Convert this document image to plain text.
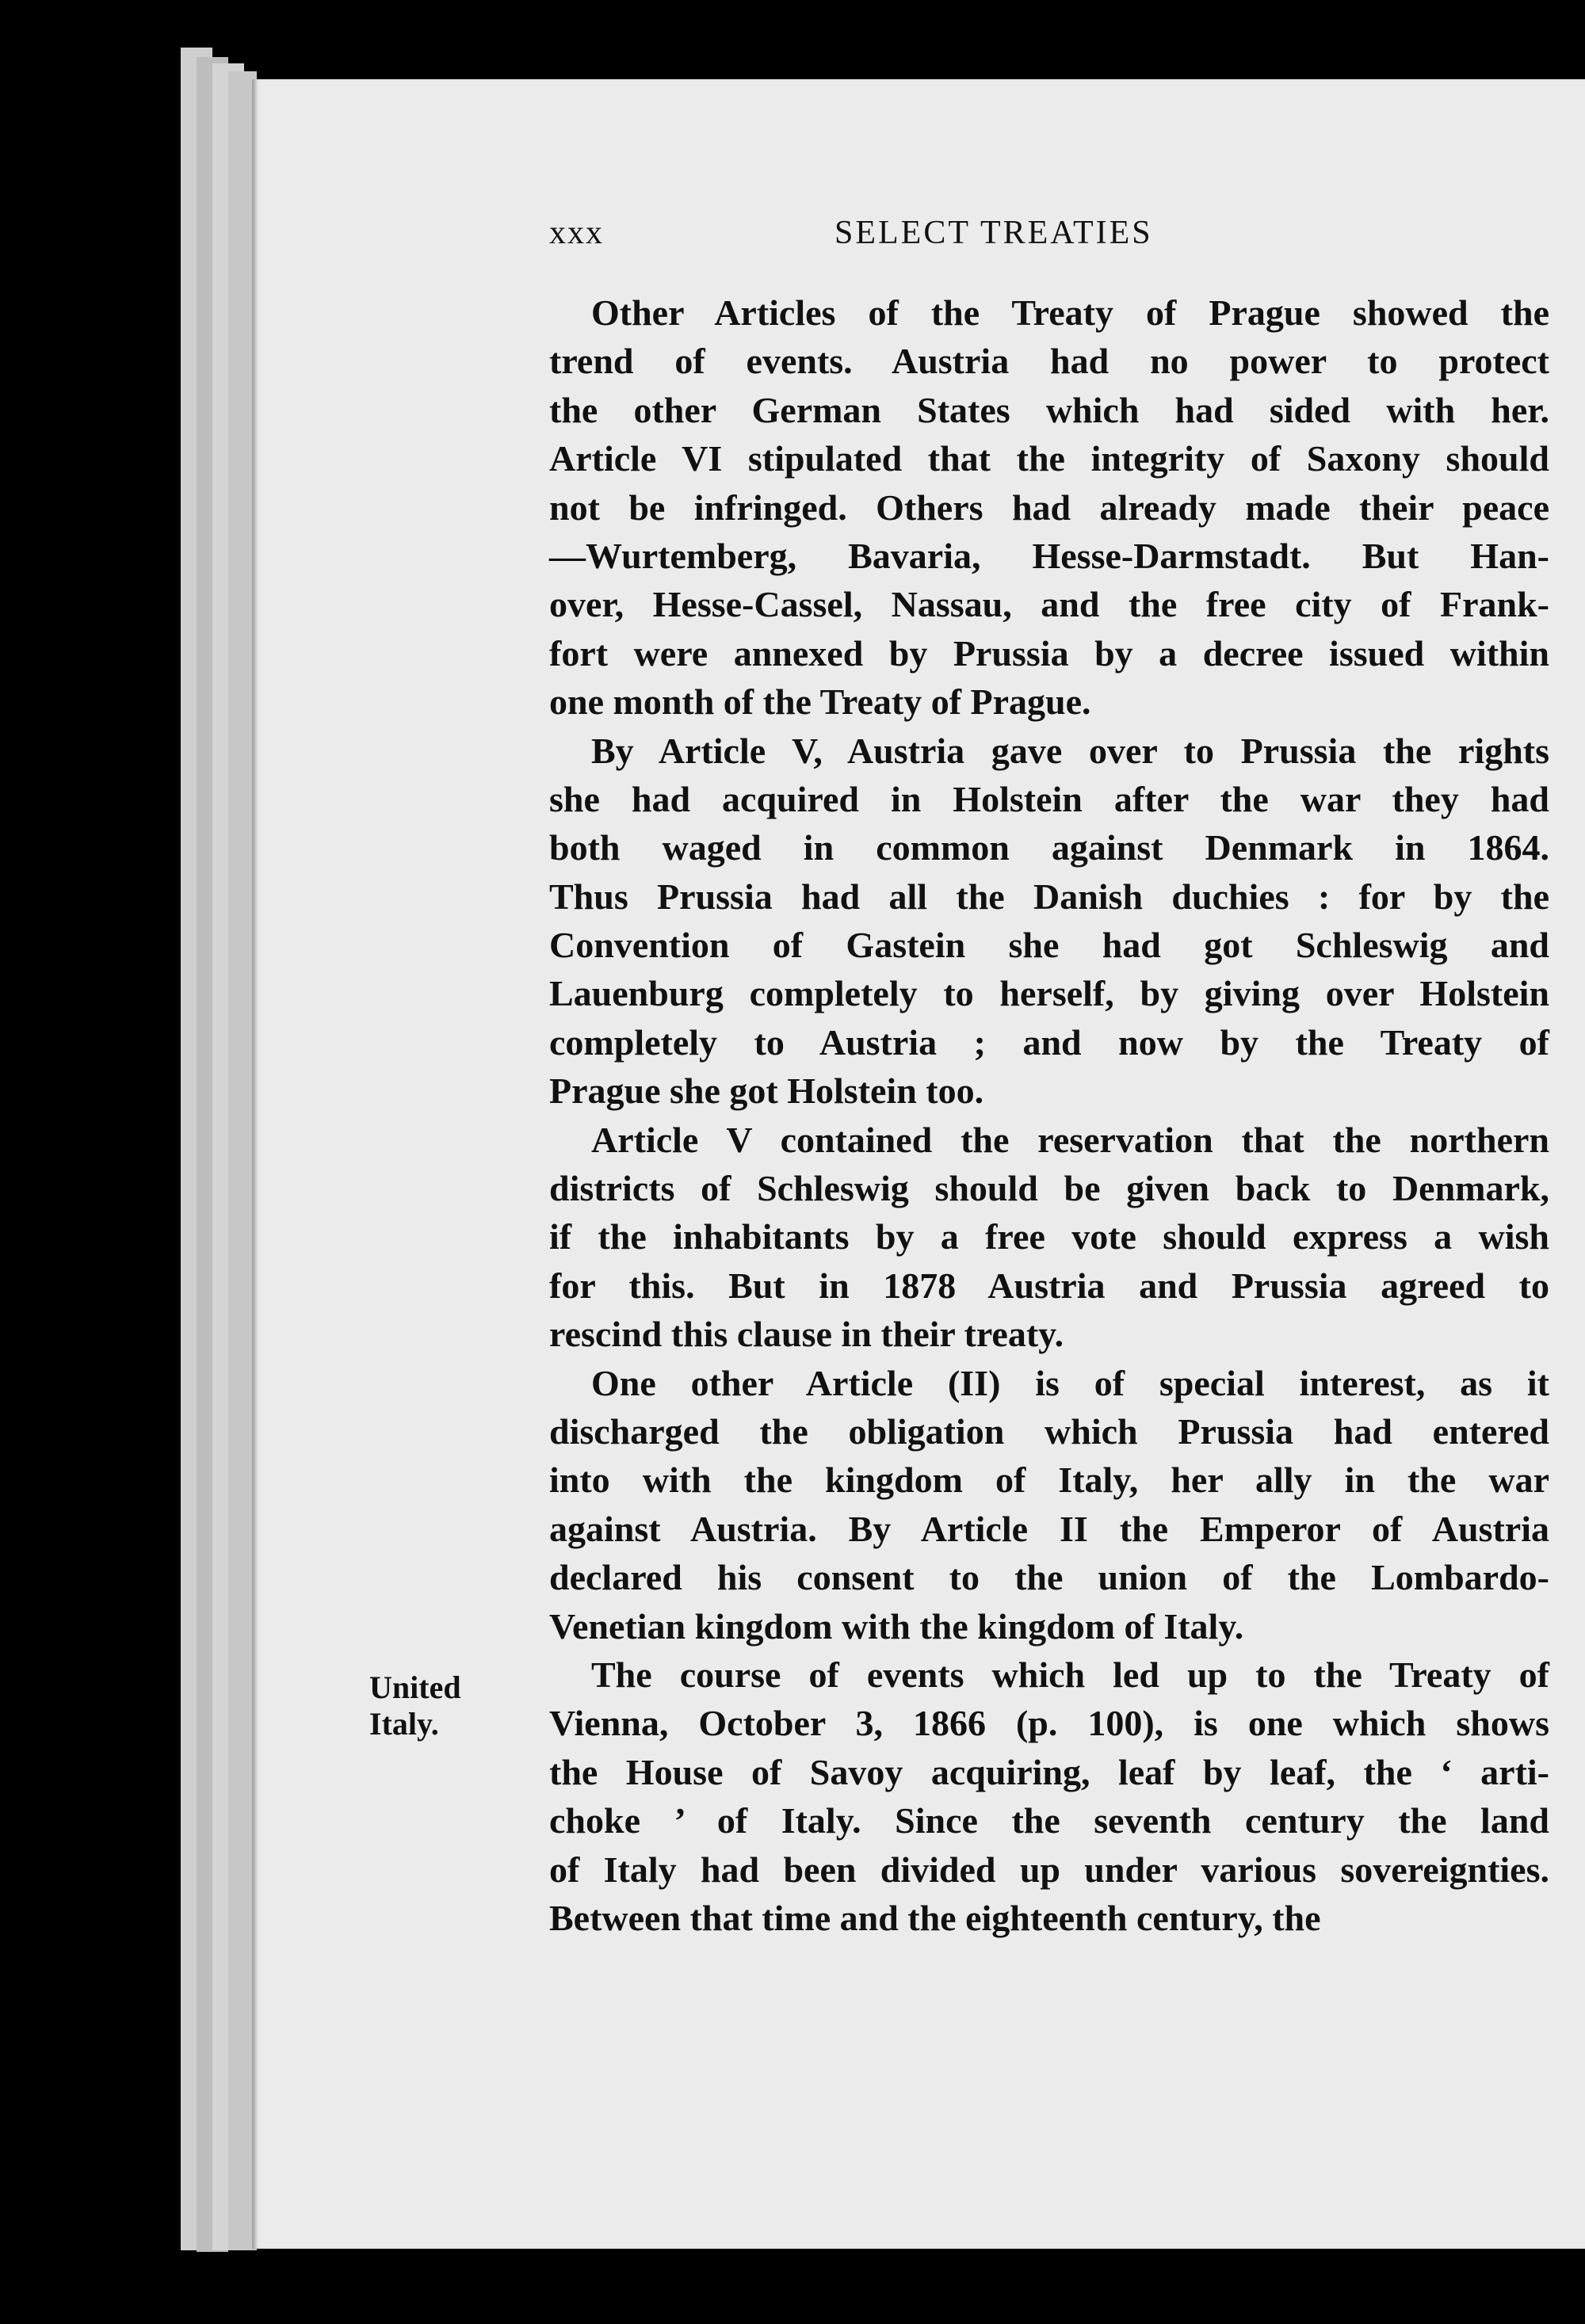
xxx	SELECT TREATIES
United
Italy.
Other Articles of the Treaty of Prague showed the
trend of events. Austria had no power to protect
the other German States which had sided with her.
Article VI stipulated that the integrity of Saxony should
not be infringed. Others had already made their peace
—Wurtemberg, Bavaria, Hesse-Darmstadt. But Han-
over, Hesse-Cassel, Nassau, and the free city of Frank-
fort were annexed by Prussia by a decree issued within
one month of the Treaty of Prague.
By Article V, Austria gave over to Prussia the rights
she had acquired in Holstein after the war they had
both waged in common against Denmark in 1864.
Thus Prussia had all the Danish duchies : for by the
Convention of Gastein she had got Schleswig and
Lauenburg completely to herself, by giving over Holstein
completely to Austria ; and now by the Treaty of
Prague she got Holstein too.
Article V contained the reservation that the northern
districts of Schleswig should be given back to Denmark,
if the inhabitants by a free vote should express a wish
for this. But in 1878 Austria and Prussia agreed to
rescind this clause in their treaty.
One other Article (II) is of special interest, as it
discharged the obligation which Prussia had entered
into with the kingdom of Italy, her ally in the war
against Austria. By Article II the Emperor of Austria
declared his consent to the union of the Lombardo-
Venetian kingdom with the kingdom of Italy.
The course of events which led up to the Treaty of
Vienna, October 3, 1866 (p. 100), is one which shows
the House of Savoy acquiring, leaf by leaf, the ‘ arti-
choke ’ of Italy. Since the seventh century the land
of Italy had been divided up under various sovereignties.
Between that time and the eighteenth century, the
